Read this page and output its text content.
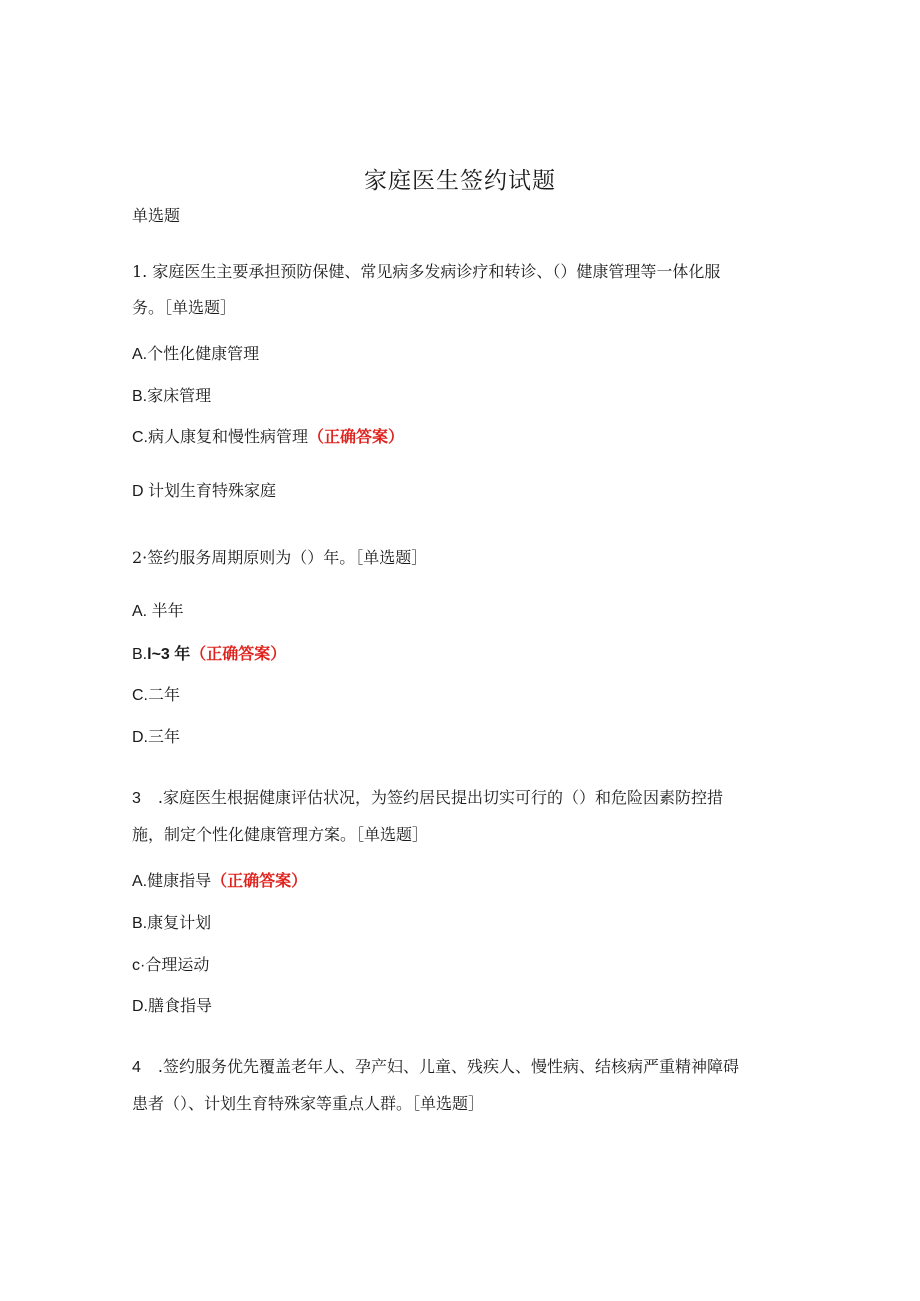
家庭医生签约试题
单选题
1. 家庭医生主要承担预防保健、常见病多发病诊疗和转诊、（）健康管理等一体化服
务。［单选题］
A.个性化健康管理
B.家床管理
C.病人康复和慢性病管理（正确答案）
D 计划生育特殊家庭
2·签约服务周期原则为（）年。［单选题］
A. 半年
B.l~3 年（正确答案）
C.二年
D.三年
3 .家庭医生根据健康评估状况，为签约居民提出切实可行的（）和危险因素防控措
施，制定个性化健康管理方案。［单选题］
A.健康指导（正确答案）
B.康复计划
c·合理运动
D.膳食指导
4 .签约服务优先覆盖老年人、孕产妇、儿童、残疾人、慢性病、结核病严重精神障碍
患者（）、计划生育特殊家等重点人群。［单选题］
